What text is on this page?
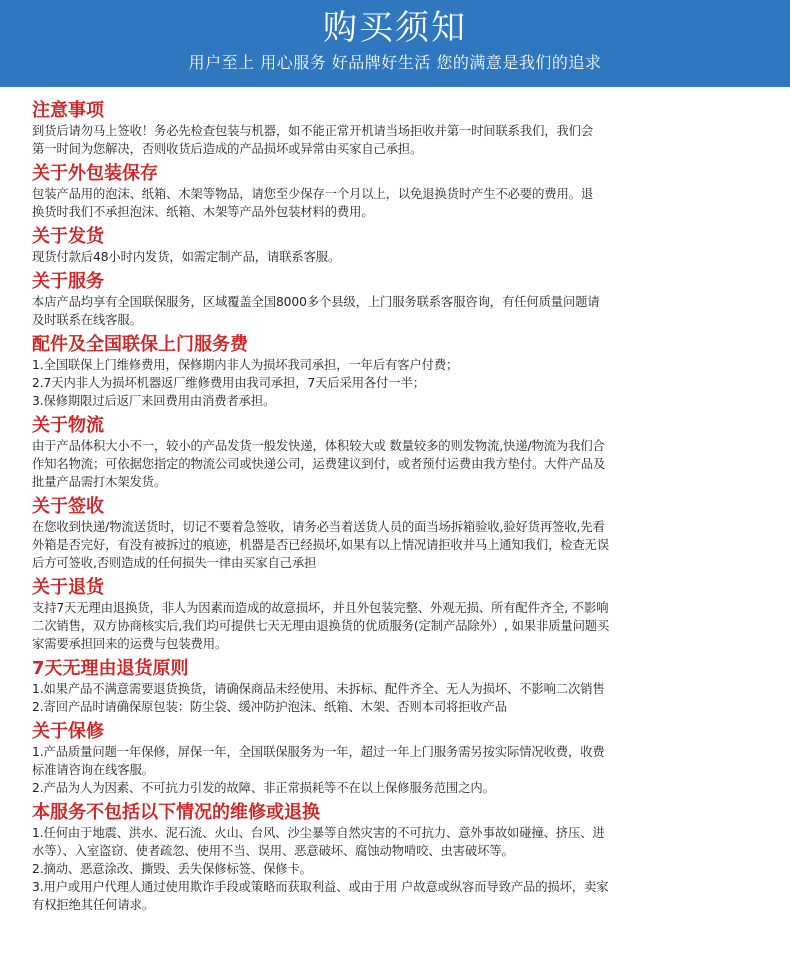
购买须知
用户至上 用心服务 好品牌好生活 您的满意是我们的追求
注意事项
到货后请勿马上签收！务必先检查包装与机器，如不能正常开机请当场拒收并第一时间联系我们，我们会
第一时间为您解决，否则收货后造成的产品损坏或异常由买家自己承担。
关于外包装保存
包装产品用的泡沫、纸箱、木架等物品，请您至少保存一个月以上，以免退换货时产生不必要的费用。退
换货时我们不承担泡沫、纸箱、木架等产品外包装材料的费用。
关于发货
现货付款后48小时内发货，如需定制产品，请联系客服。
关于服务
本店产品均享有全国联保服务，区域覆盖全国8000多个县级，上门服务联系客服咨询，有任何质量问题请
及时联系在线客服。
配件及全国联保上门服务费
1.全国联保上门维修费用，保修期内非人为损坏我司承担，一年后有客户付费；
2.7天内非人为损坏机器返厂维修费用由我司承担，7天后采用各付一半；
3.保修期限过后返厂来回费用由消费者承担。
关于物流
由于产品体积大小不一，较小的产品发货一般发快递，体积较大或 数量较多的则发物流,快递/物流为我们合
作知名物流；可依据您指定的物流公司或快递公司，运费建议到付，或者预付运费由我方垫付。大件产品及
批量产品需打木架发货。
关于签收
在您收到快递/物流送货时，切记不要着急签收，请务必当着送货人员的面当场拆箱验收,验好货再签收,先看
外箱是否完好，有没有被拆过的痕迹，机器是否已经损坏,如果有以上情况请拒收并马上通知我们，检查无误
后方可签收,否则造成的任何损失一律由买家自己承担
关于退货
支持7天无理由退换货，非人为因素而造成的故意损坏，并且外包装完整、外观无损、所有配件齐全, 不影响
二次销售，双方协商核实后,我们均可提供七天无理由退换货的优质服务(定制产品除外）, 如果非质量问题买
家需要承担回来的运费与包装费用。
7天无理由退货原则
1.如果产品不满意需要退货换货，请确保商品未经使用、未拆标、配件齐全、无人为损坏、不影响二次销售
2.寄回产品时请确保原包装：防尘袋、缓冲防护泡沫、纸箱、木架、否则本司将拒收产品
关于保修
1.产品质量问题一年保修，屏保一年，全国联保服务为一年，超过一年上门服务需另按实际情况收费，收费
标准请咨询在线客服。
2.产品为人为因素、不可抗力引发的故障、非正常损耗等不在以上保修服务范围之内。
本服务不包括以下情况的维修或退换
1.任何由于地震、洪水、泥石流、火山、台风、沙尘暴等自然灾害的不可抗力、意外事故如碰撞、挤压、进
水等）、入室盗窃、使者疏忽、使用不当、误用、恶意破坏、腐蚀动物啃咬、虫害破坏等。
2.摘动、恶意涂改、撕毁、丢失保修标签、保修卡。
3.用户或用户代理人通过使用欺诈手段或策略而获取利益、或由于用 户故意或纵容而导致产品的损坏，卖家
有权拒绝其任何请求。
